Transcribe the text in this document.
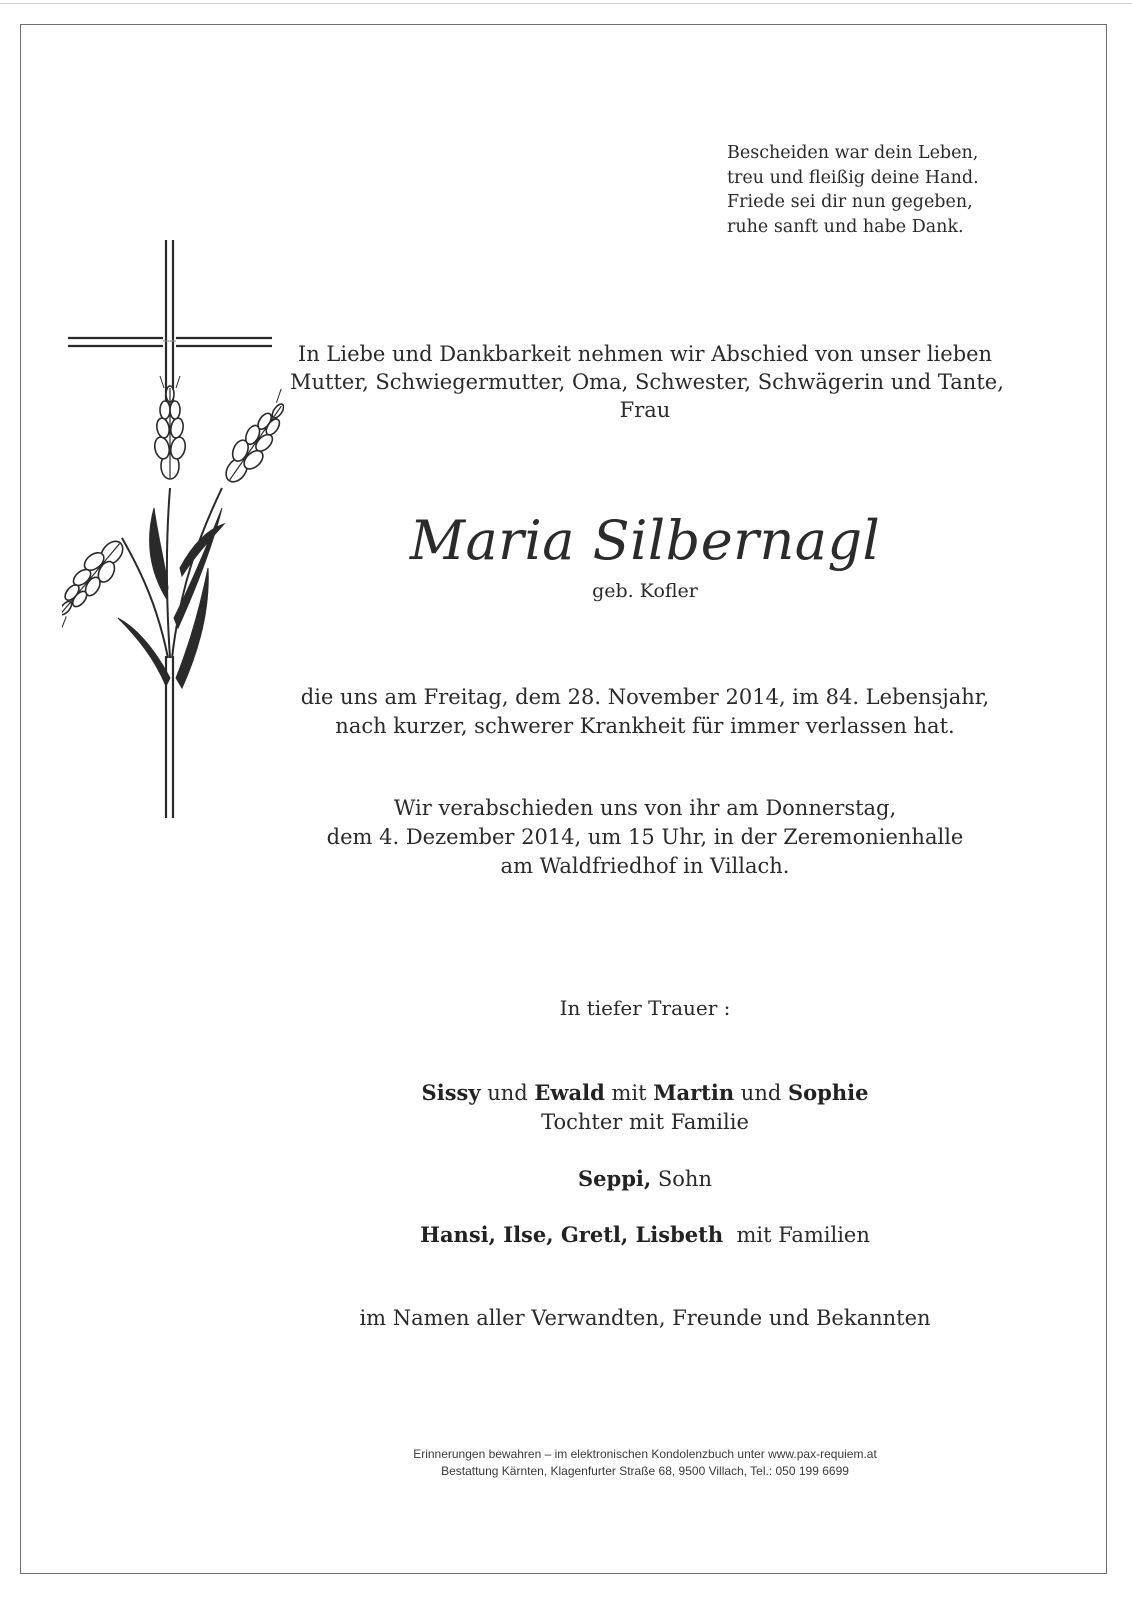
Bescheiden war dein Leben,
treu und fleißig deine Hand.
Friede sei dir nun gegeben,
ruhe sanft und habe Dank.
In Liebe und Dankbarkeit nehmen wir Abschied von unser lieben
Mutter, Schwiegermutter, Oma, Schwester, Schwägerin und Tante,
Frau
Maria Silbernagl
geb. Kofler
die uns am Freitag, dem 28. November 2014, im 84. Lebensjahr,
nach kurzer, schwerer Krankheit für immer verlassen hat.
Wir verabschieden uns von ihr am Donnerstag,
dem 4. Dezember 2014, um 15 Uhr, in der Zeremonienhalle
am Waldfriedhof in Villach.
In tiefer Trauer :
Sissy und Ewald mit Martin und Sophie
Tochter mit Familie
Seppi, Sohn
Hansi, Ilse, Gretl, Lisbeth mit Familien
im Namen aller Verwandten, Freunde und Bekannten
Erinnerungen bewahren – im elektronischen Kondolenzbuch unter www.pax-requiem.at
Bestattung Kärnten, Klagenfurter Straße 68, 9500 Villach, Tel.: 050 199 6699
